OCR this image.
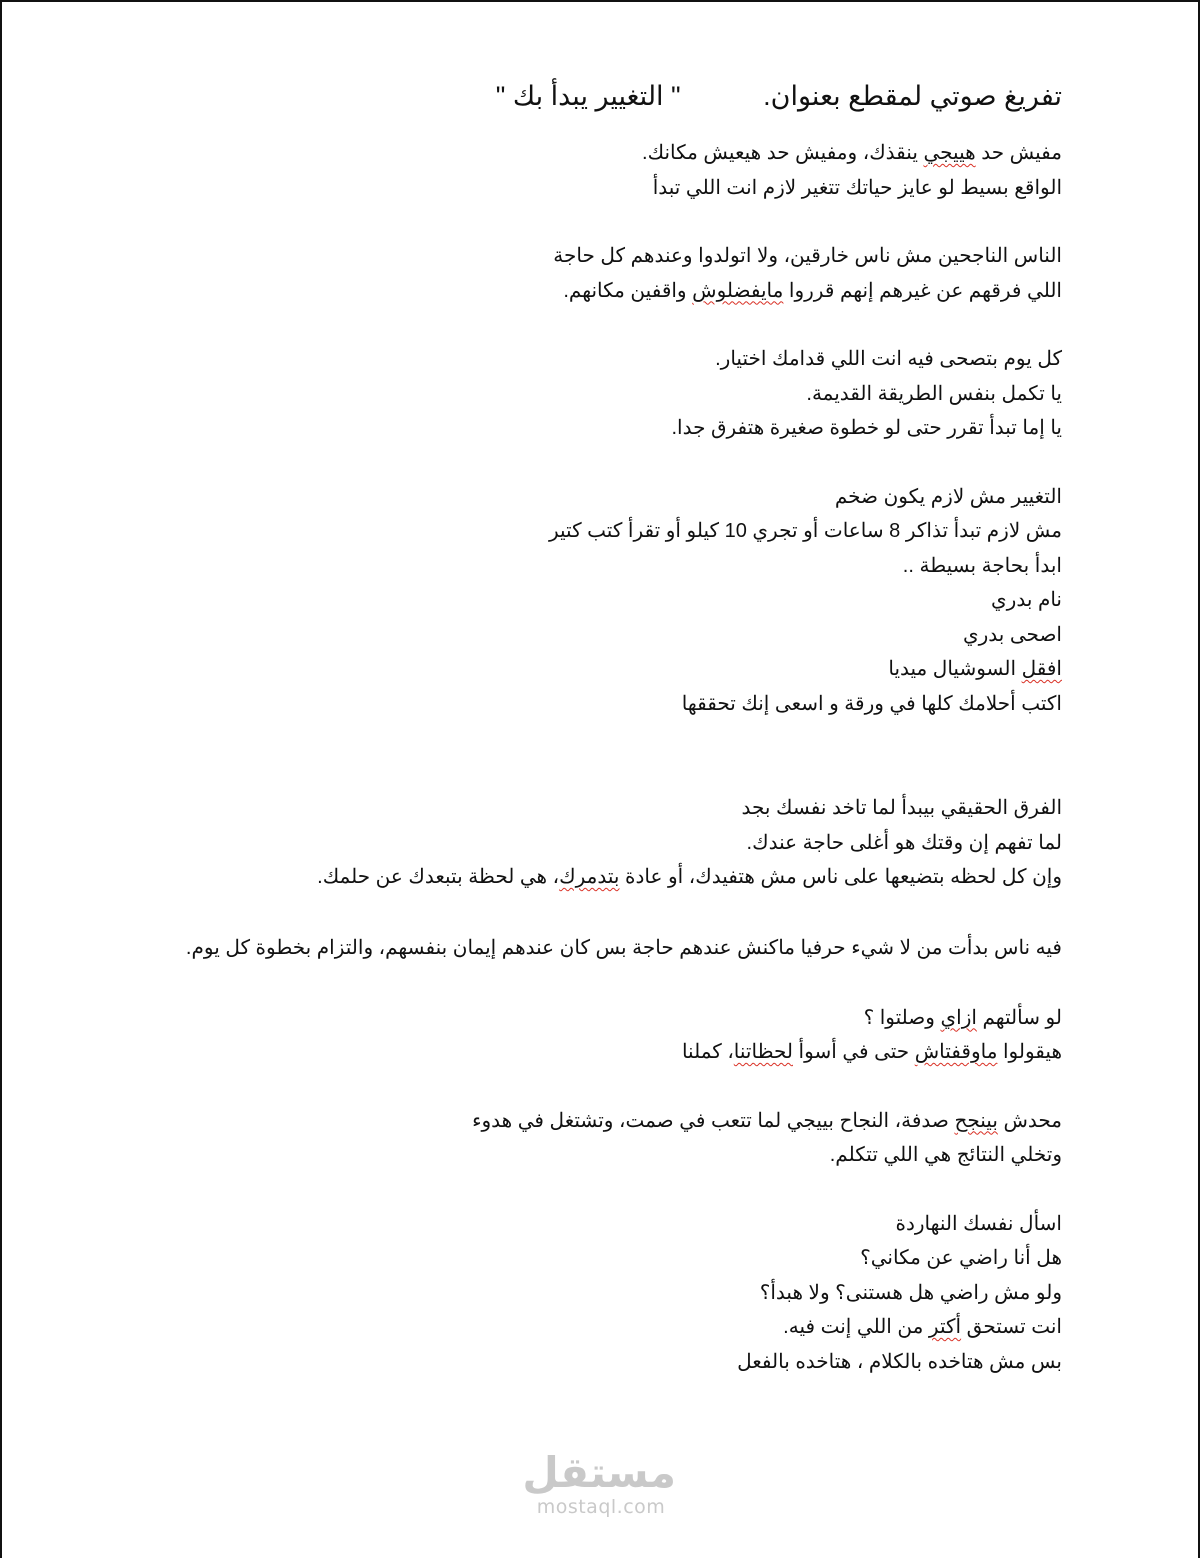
تفريغ صوتي لمقطع بعنوان.           " التغيير يبدأ بك "
مفيش حد هييجي ينقذك، ومفيش حد هيعيش مكانك.
الواقع بسيط لو عايز حياتك تتغير لازم انت اللي تبدأ
الناس الناجحين مش ناس خارقين، ولا اتولدوا وعندهم كل حاجة
اللي فرقهم عن غيرهم إنهم قرروا مايفضلوش واقفين مكانهم.
كل يوم بتصحى فيه انت اللي قدامك اختيار.
يا تكمل بنفس الطريقة القديمة.
يا إما تبدأ تقرر حتى لو خطوة صغيرة هتفرق جدا.
التغيير مش لازم يكون ضخم
مش لازم تبدأ تذاكر 8 ساعات أو تجري 10 كيلو أو تقرأ كتب كتير
ابدأ بحاجة بسيطة ..
نام بدري
اصحى بدري
افقل السوشيال ميديا
اكتب أحلامك كلها في ورقة و اسعى إنك تحققها
الفرق الحقيقي بيبدأ لما تاخد نفسك بجد
لما تفهم إن وقتك هو أغلى حاجة عندك.
وإن كل لحظه بتضيعها على ناس مش هتفيدك، أو عادة بتدمرك، هي لحظة بتبعدك عن حلمك.
فيه ناس بدأت من لا شيء حرفيا ماكنش عندهم حاجة بس كان عندهم إيمان بنفسهم، والتزام بخطوة كل يوم.
لو سألتهم ازاي وصلتوا ؟
هيقولوا ماوقفتاش حتى في أسوأ لحظاتنا، كملنا
محدش بينجح صدفة، النجاح بييجي لما تتعب في صمت، وتشتغل في هدوء
وتخلي النتائج هي اللي تتكلم.
اسأل نفسك النهاردة
هل أنا راضي عن مكاني؟
ولو مش راضي هل هستنى؟ ولا هبدأ؟
انت تستحق أكتر من اللي إنت فيه.
بس مش هتاخده بالكلام ، هتاخده بالفعل
مستقل
mostaql.com
